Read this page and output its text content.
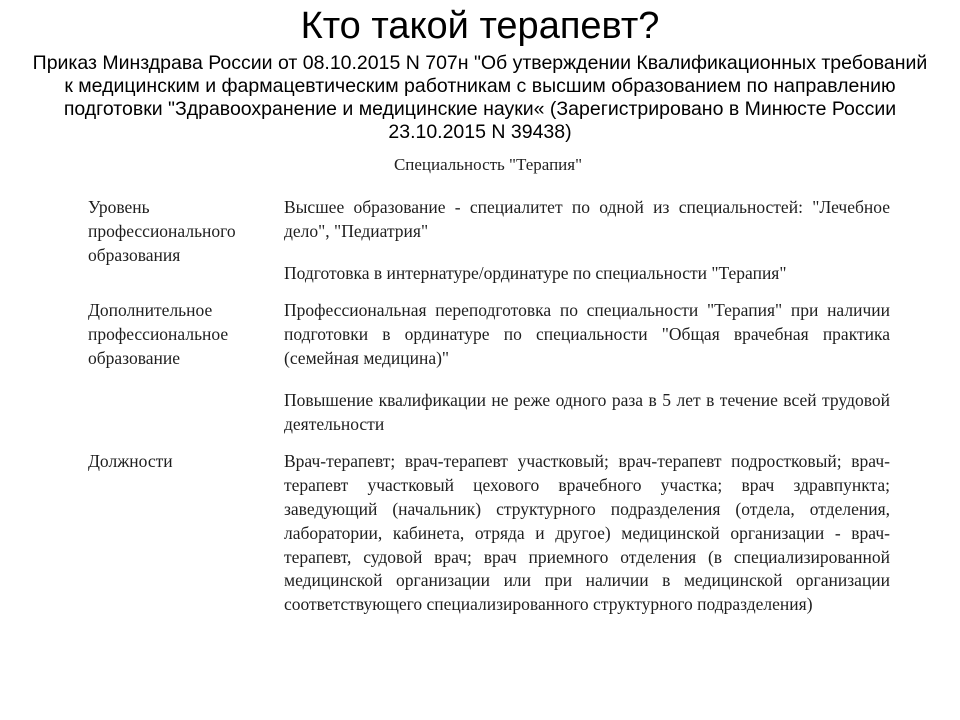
Кто такой терапевт?
Приказ Минздрава России от 08.10.2015 N 707н "Об утверждении Квалификационных требований к медицинским и фармацевтическим работникам с высшим образованием по направлению подготовки "Здравоохранение и медицинские науки« (Зарегистрировано в Минюсте России 23.10.2015 N 39438)
Специальность "Терапия"
Уровень профессионального образования

Высшее образование - специалитет по одной из специальностей: "Лечебное дело", "Педиатрия"

Подготовка в интернатуре/ординатуре по специальности "Терапия"

Дополнительное профессиональное образование

Профессиональная переподготовка по специальности "Терапия" при наличии подготовки в ординатуре по специальности "Общая врачебная практика (семейная медицина)"

Повышение квалификации не реже одного раза в 5 лет в течение всей трудовой деятельности

Должности	Врач-терапевт; врач-терапевт участковый; врач-терапевт подростковый; врач-терапевт участковый цехового врачебного участка; врач здравпункта; заведующий (начальник) структурного подразделения (отдела, отделения, лаборатории, кабинета, отряда и другое) медицинской организации - врач-терапевт, судовой врач; врач приемного отделения (в специализированной медицинской организации или при наличии в медицинской организации соответствующего специализированного структурного подразделения)
